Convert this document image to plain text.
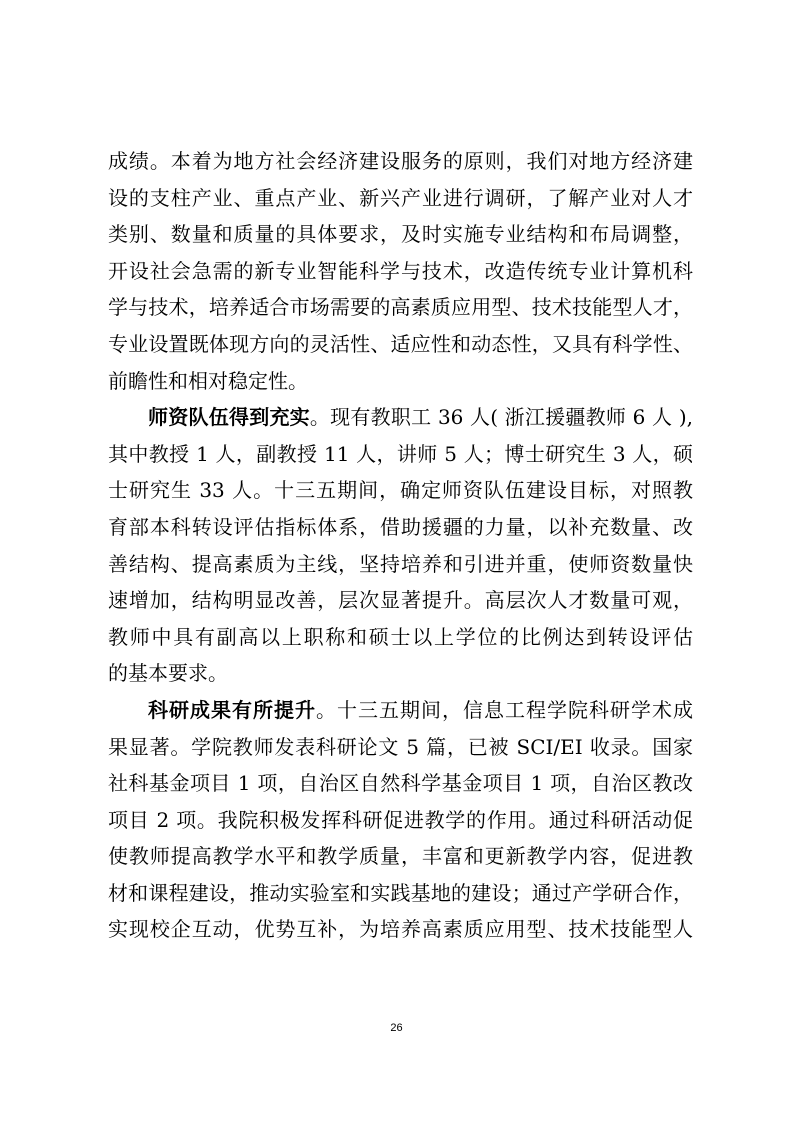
成绩。本着为地方社会经济建设服务的原则，我们对地方经济建
设的支柱产业、重点产业、新兴产业进行调研，了解产业对人才
类别、数量和质量的具体要求，及时实施专业结构和布局调整，
开设社会急需的新专业智能科学与技术，改造传统专业计算机科
学与技术，培养适合市场需要的高素质应用型、技术技能型人才，
专业设置既体现方向的灵活性、适应性和动态性，又具有科学性、
前瞻性和相对稳定性。
师资队伍得到充实。现有教职工 36 人( 浙江援疆教师 6 人 ),
其中教授 1 人，副教授 11 人，讲师 5 人；博士研究生 3 人，硕
士研究生 33 人。十三五期间，确定师资队伍建设目标，对照教
育部本科转设评估指标体系，借助援疆的力量，以补充数量、改
善结构、提高素质为主线，坚持培养和引进并重，使师资数量快
速增加，结构明显改善，层次显著提升。高层次人才数量可观，
教师中具有副高以上职称和硕士以上学位的比例达到转设评估
的基本要求。
科研成果有所提升。十三五期间，信息工程学院科研学术成
果显著。学院教师发表科研论文 5 篇，已被 SCI/EI 收录。国家
社科基金项目 1 项，自治区自然科学基金项目 1 项，自治区教改
项目 2 项。我院积极发挥科研促进教学的作用。通过科研活动促
使教师提高教学水平和教学质量，丰富和更新教学内容，促进教
材和课程建设，推动实验室和实践基地的建设；通过产学研合作，
实现校企互动，优势互补，为培养高素质应用型、技术技能型人
26
